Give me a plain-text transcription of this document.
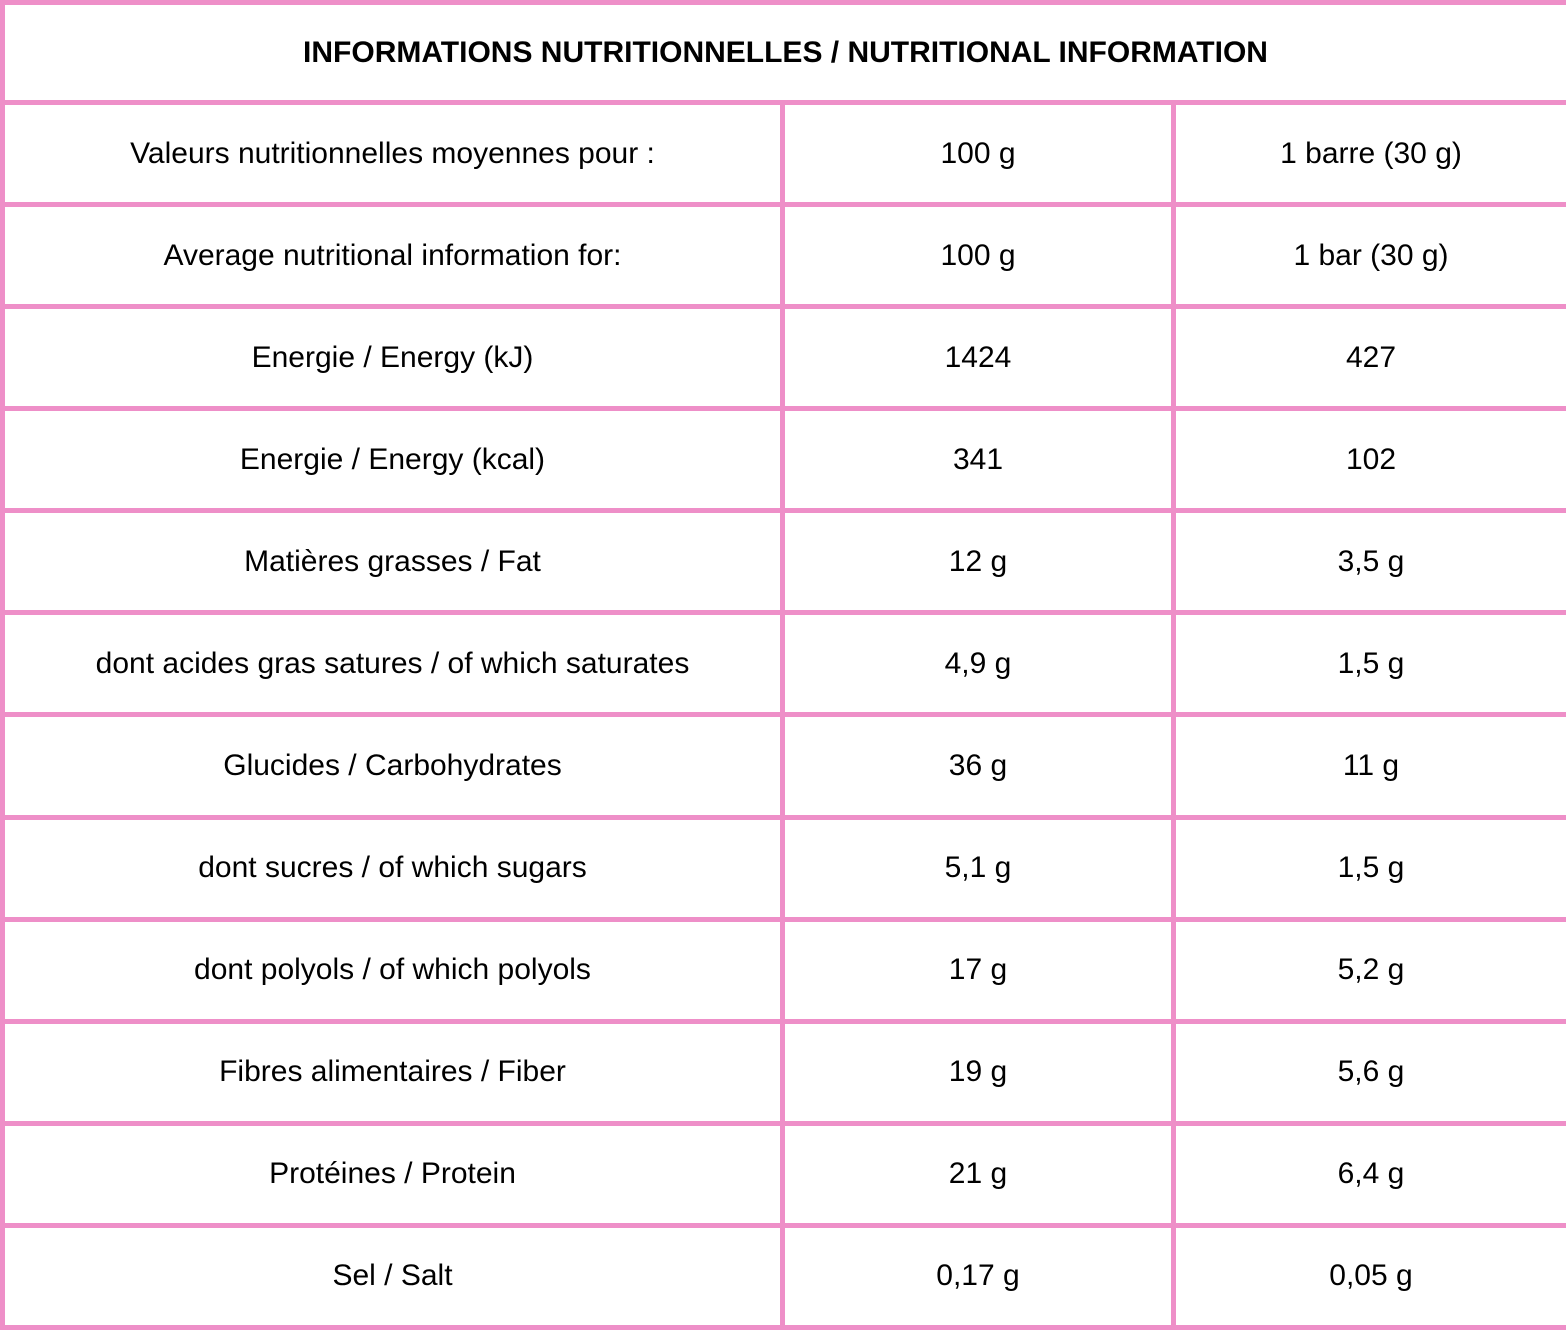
INFORMATIONS NUTRITIONNELLES / NUTRITIONAL INFORMATION		
Valeurs nutritionnelles moyennes pour :	100 g	1 barre (30 g)
Average nutritional information for:	100 g	1 bar (30 g)
Energie / Energy (kJ)	1424	427
Energie / Energy (kcal)	341	102
Matières grasses / Fat	12 g	3,5 g
dont acides gras satures / of which saturates	4,9 g	1,5 g
Glucides / Carbohydrates	36 g	11 g
dont sucres / of which sugars	5,1 g	1,5 g
dont polyols / of which polyols	17 g	5,2 g
Fibres alimentaires / Fiber	19 g	5,6 g
Protéines / Protein	21 g	6,4 g
Sel / Salt	0,17 g	0,05 g
